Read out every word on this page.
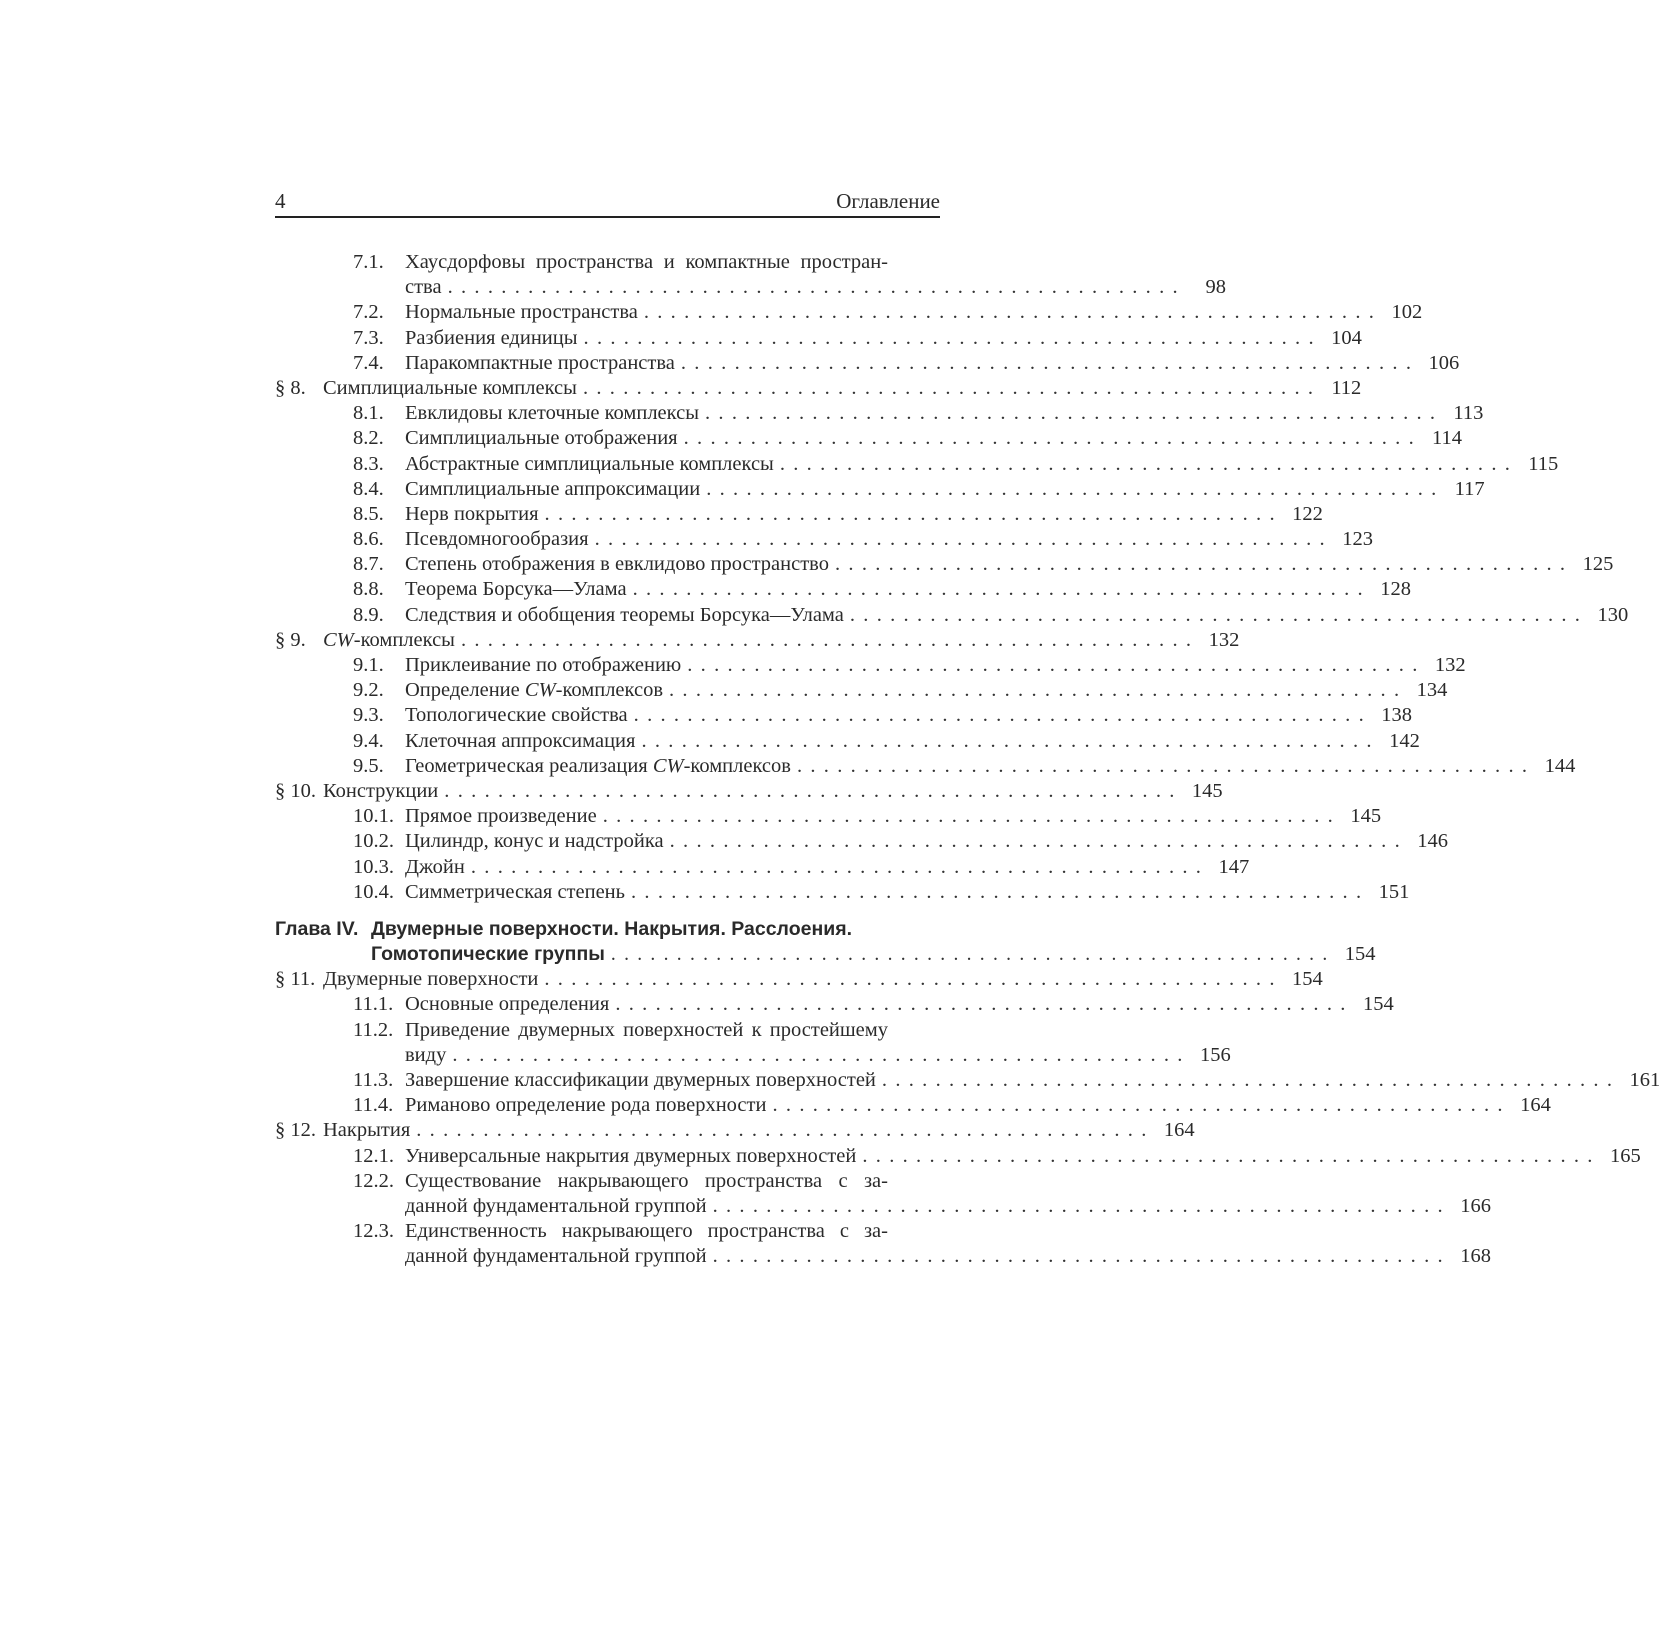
4	Оглавление
7.1. Хаусдорфовы пространства и компактные простран-
ства ....................................................... 98
7.2. Нормальные пространства ....................................................... 102
7.3. Разбиения единицы ....................................................... 104
7.4. Паракомпактные пространства ....................................................... 106
§ 8. Симплициальные комплексы ....................................................... 112
8.1. Евклидовы клеточные комплексы ....................................................... 113
8.2. Симплициальные отображения ....................................................... 114
8.3. Абстрактные симплициальные комплексы ....................................................... 115
8.4. Симплициальные аппроксимации ....................................................... 117
8.5. Нерв покрытия ....................................................... 122
8.6. Псевдомногообразия ....................................................... 123
8.7. Степень отображения в евклидово пространство ....................................................... 125
8.8. Теорема Борсука—Улама ....................................................... 128
8.9. Следствия и обобщения теоремы Борсука—Улама ....................................................... 130
§ 9. CW-комплексы ....................................................... 132
9.1. Приклеивание по отображению ....................................................... 132
9.2. Определение CW-комплексов ....................................................... 134
9.3. Топологические свойства ....................................................... 138
9.4. Клеточная аппроксимация ....................................................... 142
9.5. Геометрическая реализация CW-комплексов ....................................................... 144
§ 10. Конструкции ....................................................... 145
10.1. Прямое произведение ....................................................... 145
10.2. Цилиндр, конус и надстройка ....................................................... 146
10.3. Джойн ....................................................... 147
10.4. Симметрическая степень ....................................................... 151
Глава IV. Двумерные поверхности. Накрытия. Расслоения.
Гомотопические группы ....................................................... 154
§ 11. Двумерные поверхности ....................................................... 154
11.1. Основные определения ....................................................... 154
11.2. Приведение двумерных поверхностей к простейшему
виду ....................................................... 156
11.3. Завершение классификации двумерных поверхностей ....................................................... 161
11.4. Риманово определение рода поверхности ....................................................... 164
§ 12. Накрытия ....................................................... 164
12.1. Универсальные накрытия двумерных поверхностей ....................................................... 165
12.2. Существование накрывающего пространства с за-
данной фундаментальной группой ....................................................... 166
12.3. Единственность накрывающего пространства с за-
данной фундаментальной группой ....................................................... 168
